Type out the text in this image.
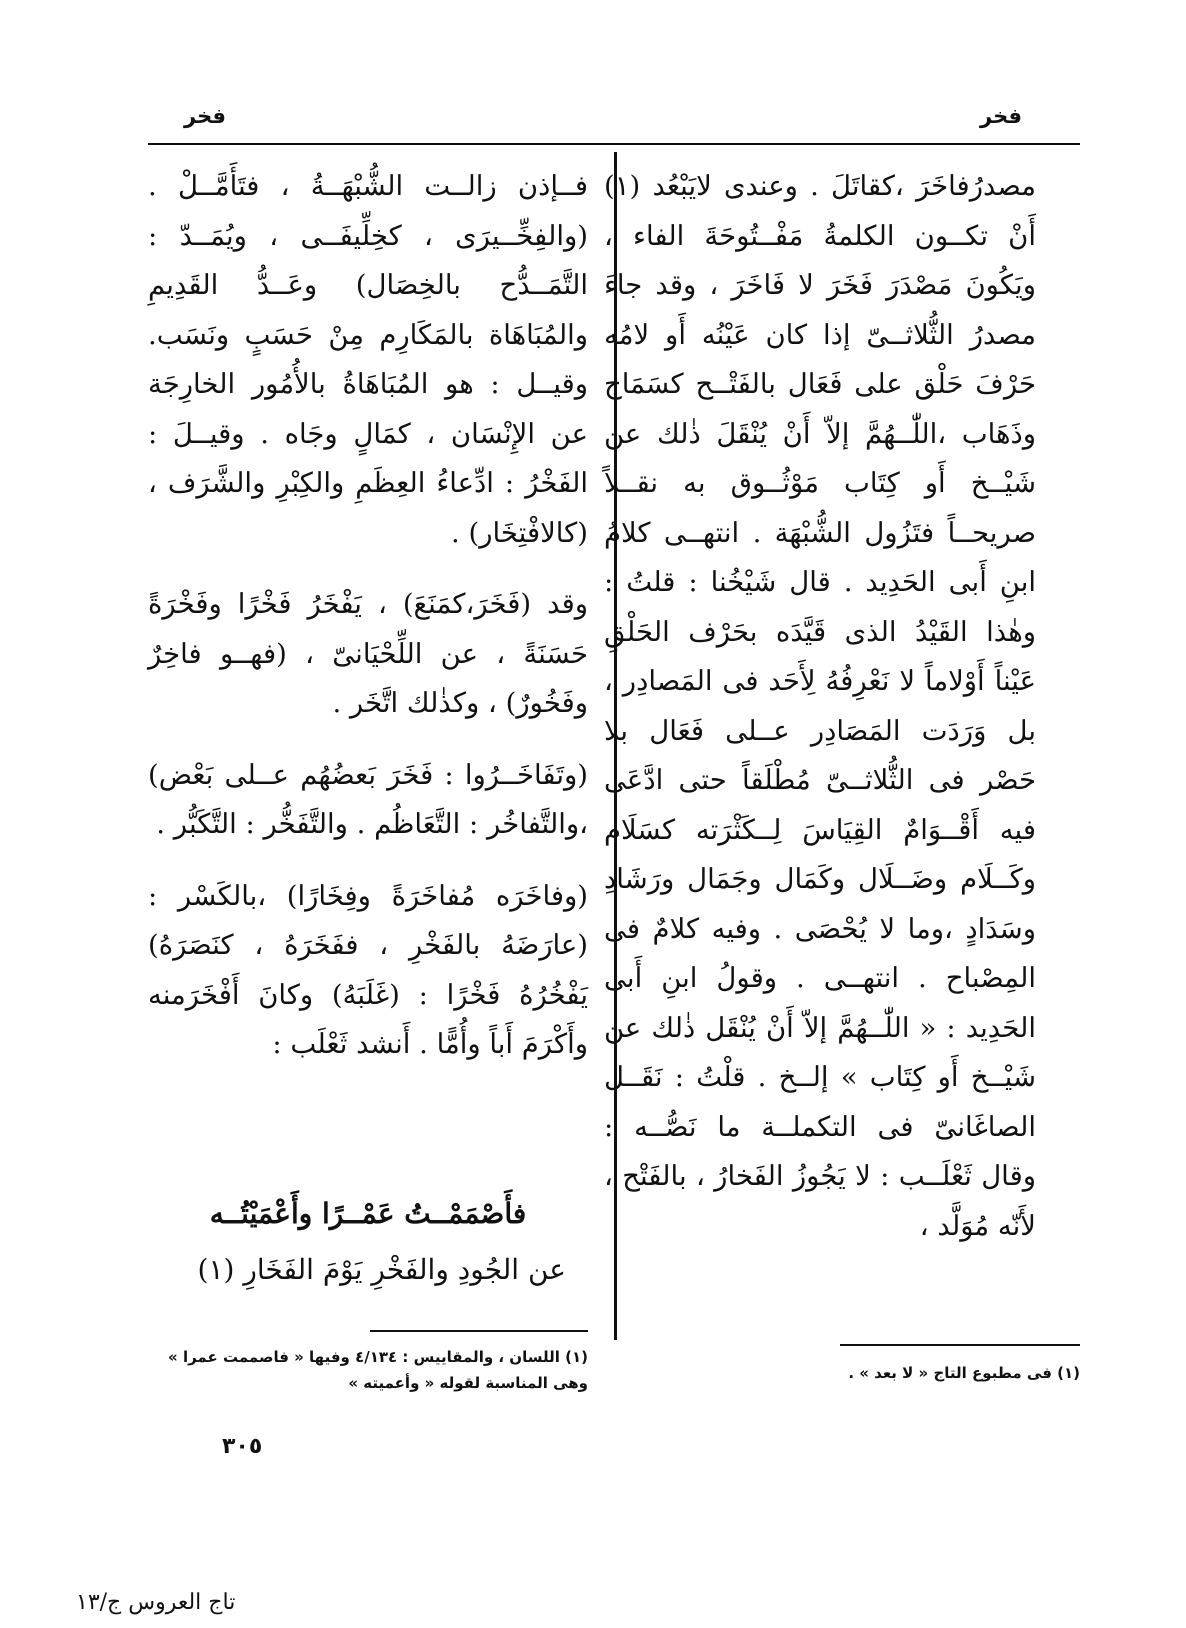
فخر
فخر

مصدرُفاخَرَ ،كقاتَلَ . وعندى لايَبْعُد (١) أَنْ تكــون الكلمةُ مَفْــتُوحَةَ الفاء ، ويَكُونَ مَصْدَرَ فَخَرَ لا فَاخَرَ ، وقد جاءَ مصدرُ الثُّلاثــىّ إذا كان عَيْنُه أَو لامُه حَرْفَ حَلْق على فَعَال بالفَتْــح كسَمَاح وذَهَاب ،اللّٰــهُمَّ إلاّ أَنْ يُنْقَلَ ذٰلك عن شَيْــخ أَو كِتَاب مَوْثُــوق به نقــلاً صريحــاً فتَزُول الشُّبْهَة . انتهــى كلامُ ابنِ أَبى الحَدِيد . قال شَيْخُنا : قلتُ : وهٰذا القَيْدُ الذى قَيَّدَه بحَرْف الحَلْقِ عَيْناً أَوْلاماً لا نَعْرِفُهُ لِأَحَد فى المَصادِر ، بل وَرَدَت المَصَادِر عــلى فَعَال بلا حَصْر فى الثُّلاثــىّ مُطْلَقاً حتى ادَّعَى فيه أَقْــوَامٌ القِيَاسَ لِــكَثْرَته كسَلَام وكَــلَام وضَــلَال وكَمَال وجَمَال ورَشَادِ وسَدَادٍ ،وما لا يُحْصَى . وفيه كلامٌ فى المِصْباح . انتهــى . وقولُ ابنِ أَبى الحَدِيد : « اللّٰــهُمَّ إلاّ أَنْ يُنْقَل ذٰلك عن شَيْــخ أَو كِتَاب » إلــخ . قلْتُ : نَقَــل الصاغَانىّ فى التكملــة ما نَصُّــه : وقال ثَعْلَــب : لا يَجُوزُ الفَخارُ ، بالفَتْح ، لأَنّه مُوَلَّد ،

فــإذن زالــت الشُّبْهَــةُ ، فتَأَمَّــلْ . (والفِخِّــيرَى ، كخِلِّيفَــى ، ويُمَــدّ : التَّمَــدُّح بالخِصَال) وعَــدُّ القَدِيمِ والمُبَاهَاة بالمَكَارِم مِنْ حَسَبٍ ونَسَب. وقيــل : هو المُبَاهَاةُ بالأُمُور الخارِجَة عن الإِنْسَان ، كمَالٍ وجَاه . وقيــلَ : الفَخْرُ : ادِّعاءُ العِظَمِ والكِبْرِ والشَّرَف ، (كالافْتِخَار) .

وقد (فَخَرَ،كمَنَعَ) ، يَفْخَرُ فَخْرًا وفَخْرَةً حَسَنَةً ، عن اللِّحْيَانىّ ، (فهــو فاخِرٌ وفَخُورٌ) ، وكذٰلك اتَّخَر .

(وتَفَاخَــرُوا : فَخَرَ بَعضُهُم عــلى بَعْض) ،والتَّفاخُر : التَّعَاظُم . والتَّفَخُّر : التَّكَبُّر .

(وفاخَرَه مُفاخَرَةً وفِخَارًا) ،بالكَسْر : (عارَضَهُ بالفَخْرِ ، ففَخَرَهُ ، كنَصَرَهُ) يَفْخُرُهُ فَخْرًا : (غَلَبَهُ) وكانَ أَفْخَرَمنه وأَكْرَمَ أَباً وأُمًّا . أَنشد ثَعْلَب :

فأَصْمَمْــتُ عَمْــرًا وأَعْمَيْتُــه
عن الجُودِ والفَخْرِ يَوْمَ الفَخَارِ (١)
(١) اللسان ، والمقاييس : ٤/١٣٤ وفيها « فاصممت عمرا » وهى المناسبة لقوله « وأعميته »
(١) فى مطبوع التاج « لا بعد » .
٣٠٥
تاج العروس ج/١٣
